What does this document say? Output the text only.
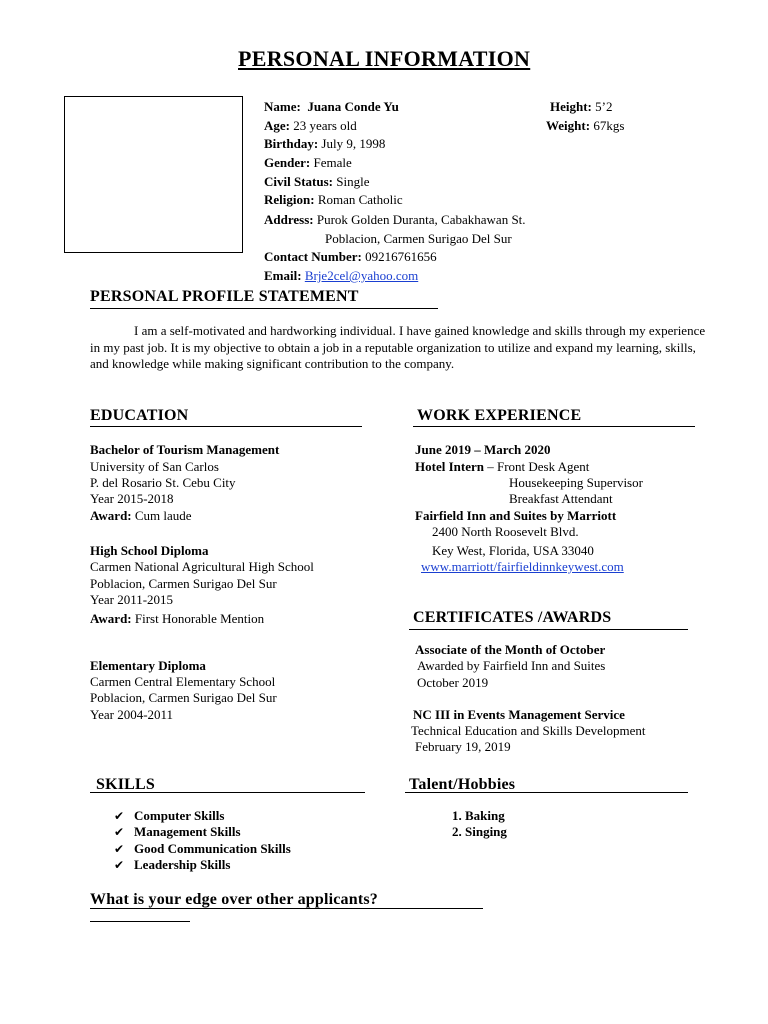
PERSONAL INFORMATION
Name: Juana Conde Yu	Height: 5’2
Age: 23 years old	Weight: 67kgs
Birthday: July 9, 1998
Gender: Female
Civil Status: Single
Religion: Roman Catholic
Address: Purok Golden Duranta, Cabakhawan St.
Poblacion, Carmen Surigao Del Sur
Contact Number: 09216761656
Email: Brje2cel@yahoo.com
PERSONAL PROFILE STATEMENT
I am a self-motivated and hardworking individual. I have gained knowledge and skills through my experience in my past job. It is my objective to obtain a job in a reputable organization to utilize and expand my learning, skills, and knowledge while making significant contribution to the company.
EDUCATION
Bachelor of Tourism Management
University of San Carlos
P. del Rosario St. Cebu City
Year 2015-2018
Award: Cum laude
High School Diploma
Carmen National Agricultural High School
Poblacion, Carmen Surigao Del Sur
Year 2011-2015
Award: First Honorable Mention
Elementary Diploma
Carmen Central Elementary School
Poblacion, Carmen Surigao Del Sur
Year 2004-2011
WORK EXPERIENCE
June 2019 – March 2020
Hotel Intern – Front Desk Agent
Housekeeping Supervisor
Breakfast Attendant
Fairfield Inn and Suites by Marriott
2400 North Roosevelt Blvd.
Key West, Florida, USA 33040
www.marriott/fairfieldinnkeywest.com
CERTIFICATES /AWARDS
Associate of the Month of October
Awarded by Fairfield Inn and Suites
October 2019
NC III in Events Management Service
Technical Education and Skills Development
February 19, 2019
SKILLS
✔ Computer Skills
✔ Management Skills
✔ Good Communication Skills
✔ Leadership Skills
Talent/Hobbies
1. Baking
2. Singing
What is your edge over other applicants?
